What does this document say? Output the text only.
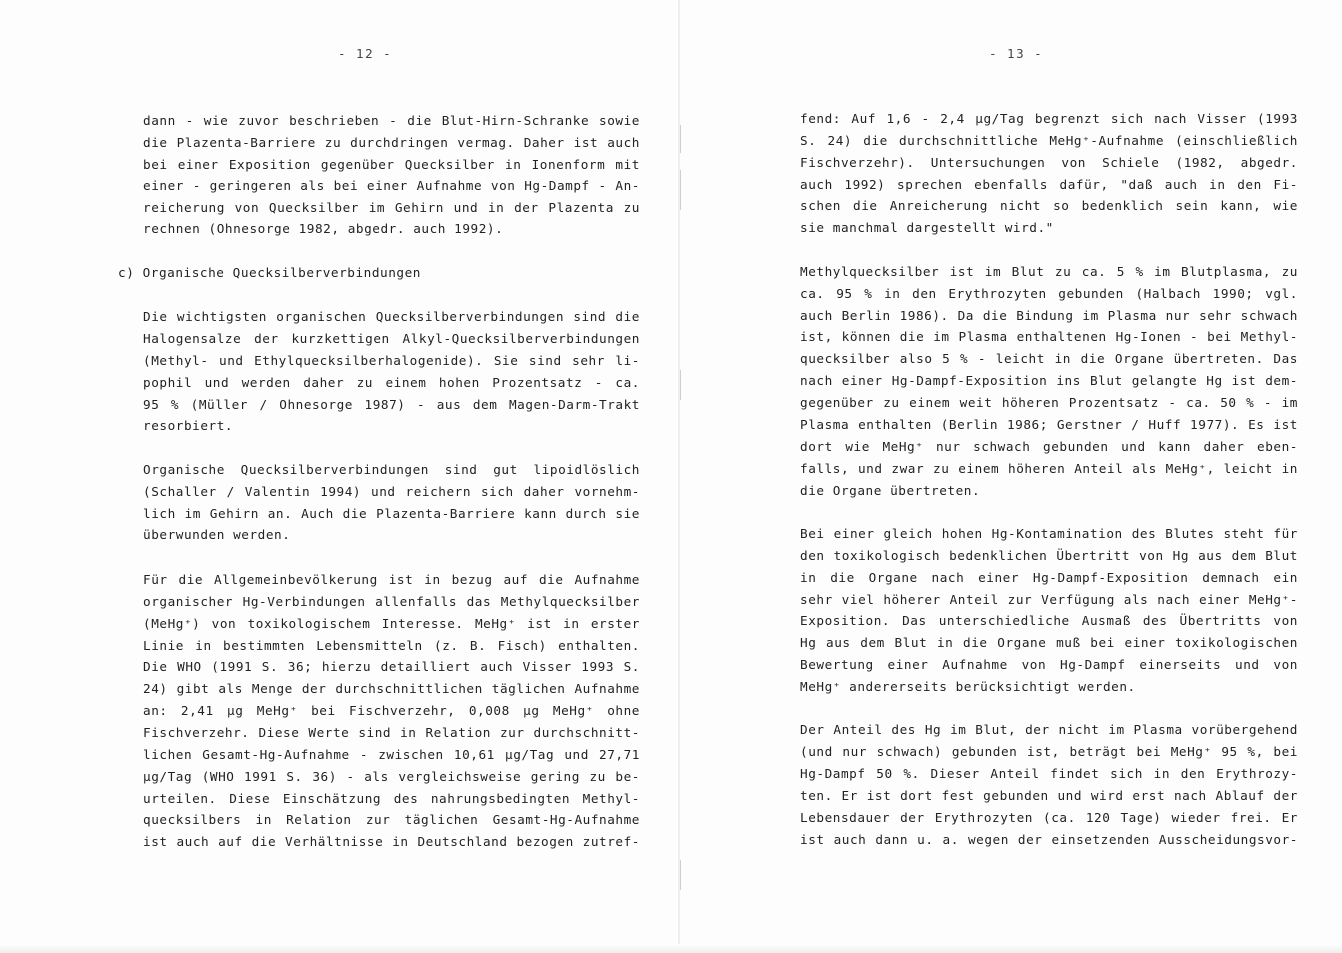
- 12 -	- 13 -
dann - wie zuvor beschrieben - die Blut-Hirn-Schranke sowie
die Plazenta-Barriere zu durchdringen vermag. Daher ist auch
bei einer Exposition gegenüber Quecksilber in Ionenform mit
einer - geringeren als bei einer Aufnahme von Hg-Dampf - An-
reicherung von Quecksilber im Gehirn und in der Plazenta zu
rechnen (Ohnesorge 1982, abgedr. auch 1992).
c) Organische Quecksilberverbindungen
Die wichtigsten organischen Quecksilberverbindungen sind die
Halogensalze der kurzkettigen Alkyl-Quecksilberverbindungen
(Methyl- und Ethylquecksilberhalogenide). Sie sind sehr li-
pophil und werden daher zu einem hohen Prozentsatz - ca.
95 % (Müller / Ohnesorge 1987) - aus dem Magen-Darm-Trakt
resorbiert.
Organische Quecksilberverbindungen sind gut lipoidlöslich
(Schaller / Valentin 1994) und reichern sich daher vornehm-
lich im Gehirn an. Auch die Plazenta-Barriere kann durch sie
überwunden werden.
Für die Allgemeinbevölkerung ist in bezug auf die Aufnahme
organischer Hg-Verbindungen allenfalls das Methylquecksilber
(MeHg⁺) von toxikologischem Interesse. MeHg⁺ ist in erster
Linie in bestimmten Lebensmitteln (z. B. Fisch) enthalten.
Die WHO (1991 S. 36; hierzu detailliert auch Visser 1993 S.
24) gibt als Menge der durchschnittlichen täglichen Aufnahme
an: 2,41 µg MeHg⁺ bei Fischverzehr, 0,008 µg MeHg⁺ ohne
Fischverzehr. Diese Werte sind in Relation zur durchschnitt-
lichen Gesamt-Hg-Aufnahme - zwischen 10,61 µg/Tag und 27,71
µg/Tag (WHO 1991 S. 36) - als vergleichsweise gering zu be-
urteilen. Diese Einschätzung des nahrungsbedingten Methyl-
quecksilbers in Relation zur täglichen Gesamt-Hg-Aufnahme
ist auch auf die Verhältnisse in Deutschland bezogen zutref-
fend: Auf 1,6 - 2,4 µg/Tag begrenzt sich nach Visser (1993
S. 24) die durchschnittliche MeHg⁺-Aufnahme (einschließlich
Fischverzehr). Untersuchungen von Schiele (1982, abgedr.
auch 1992) sprechen ebenfalls dafür, "daß auch in den Fi-
schen die Anreicherung nicht so bedenklich sein kann, wie
sie manchmal dargestellt wird."
Methylquecksilber ist im Blut zu ca. 5 % im Blutplasma, zu
ca. 95 % in den Erythrozyten gebunden (Halbach 1990; vgl.
auch Berlin 1986). Da die Bindung im Plasma nur sehr schwach
ist, können die im Plasma enthaltenen Hg-Ionen - bei Methyl-
quecksilber also 5 % - leicht in die Organe übertreten. Das
nach einer Hg-Dampf-Exposition ins Blut gelangte Hg ist dem-
gegenüber zu einem weit höheren Prozentsatz - ca. 50 % - im
Plasma enthalten (Berlin 1986; Gerstner / Huff 1977). Es ist
dort wie MeHg⁺ nur schwach gebunden und kann daher eben-
falls, und zwar zu einem höheren Anteil als MeHg⁺, leicht in
die Organe übertreten.
Bei einer gleich hohen Hg-Kontamination des Blutes steht für
den toxikologisch bedenklichen Übertritt von Hg aus dem Blut
in die Organe nach einer Hg-Dampf-Exposition demnach ein
sehr viel höherer Anteil zur Verfügung als nach einer MeHg⁺-
Exposition. Das unterschiedliche Ausmaß des Übertritts von
Hg aus dem Blut in die Organe muß bei einer toxikologischen
Bewertung einer Aufnahme von Hg-Dampf einerseits und von
MeHg⁺ andererseits berücksichtigt werden.
Der Anteil des Hg im Blut, der nicht im Plasma vorübergehend
(und nur schwach) gebunden ist, beträgt bei MeHg⁺ 95 %, bei
Hg-Dampf 50 %. Dieser Anteil findet sich in den Erythrozy-
ten. Er ist dort fest gebunden und wird erst nach Ablauf der
Lebensdauer der Erythrozyten (ca. 120 Tage) wieder frei. Er
ist auch dann u. a. wegen der einsetzenden Ausscheidungsvor-
